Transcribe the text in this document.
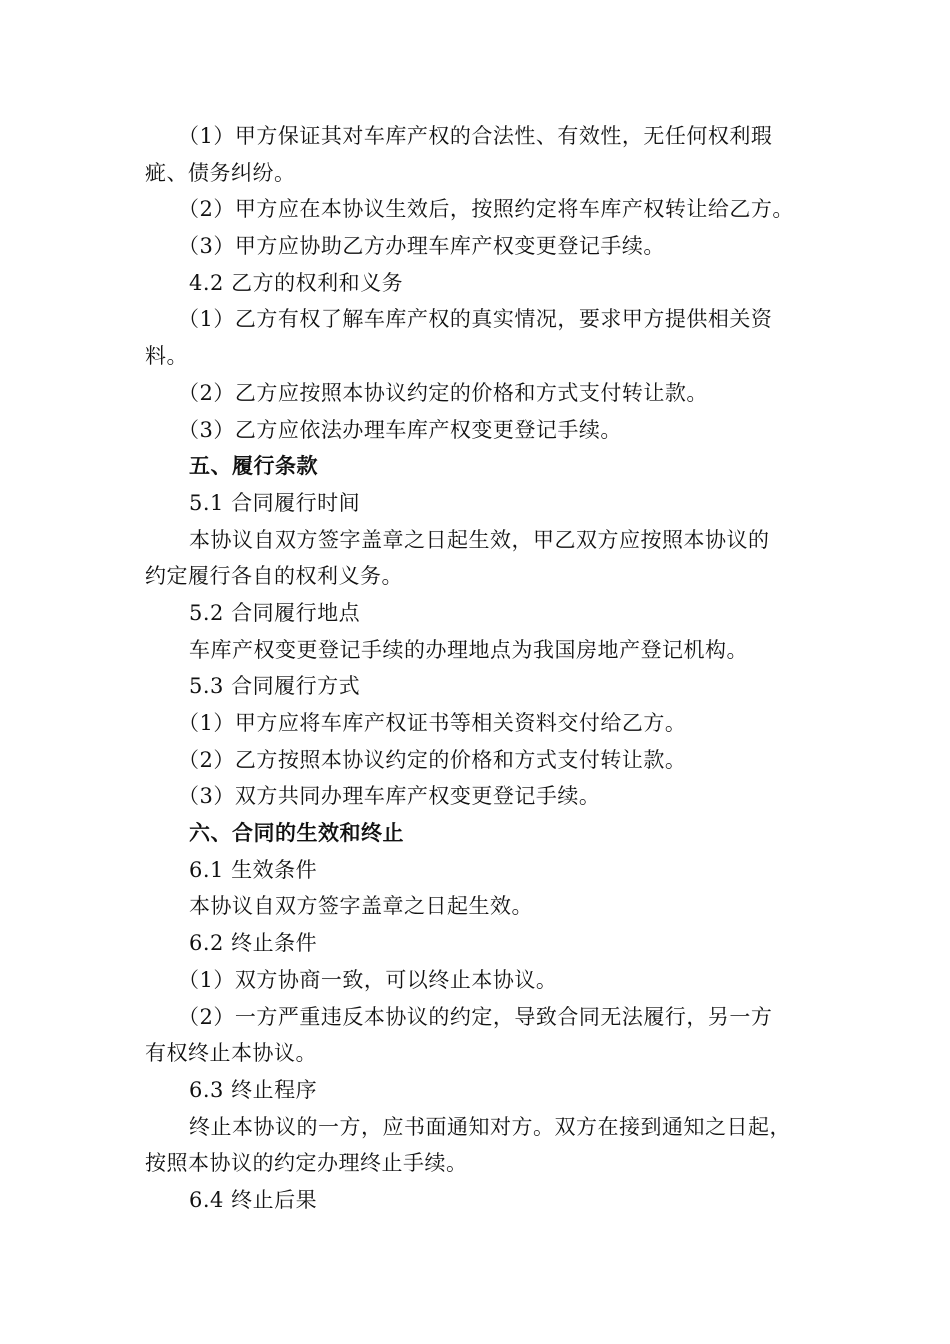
（1）甲方保证其对车库产权的合法性、有效性，无任何权利瑕
疵、债务纠纷。
（2）甲方应在本协议生效后，按照约定将车库产权转让给乙方。
（3）甲方应协助乙方办理车库产权变更登记手续。
4.2 乙方的权利和义务
（1）乙方有权了解车库产权的真实情况，要求甲方提供相关资
料。
（2）乙方应按照本协议约定的价格和方式支付转让款。
（3）乙方应依法办理车库产权变更登记手续。
五、履行条款
5.1 合同履行时间
本协议自双方签字盖章之日起生效，甲乙双方应按照本协议的
约定履行各自的权利义务。
5.2 合同履行地点
车库产权变更登记手续的办理地点为我国房地产登记机构。
5.3 合同履行方式
（1）甲方应将车库产权证书等相关资料交付给乙方。
（2）乙方按照本协议约定的价格和方式支付转让款。
（3）双方共同办理车库产权变更登记手续。
六、合同的生效和终止
6.1 生效条件
本协议自双方签字盖章之日起生效。
6.2 终止条件
（1）双方协商一致，可以终止本协议。
（2）一方严重违反本协议的约定，导致合同无法履行，另一方
有权终止本协议。
6.3 终止程序
终止本协议的一方，应书面通知对方。双方在接到通知之日起，
按照本协议的约定办理终止手续。
6.4 终止后果
